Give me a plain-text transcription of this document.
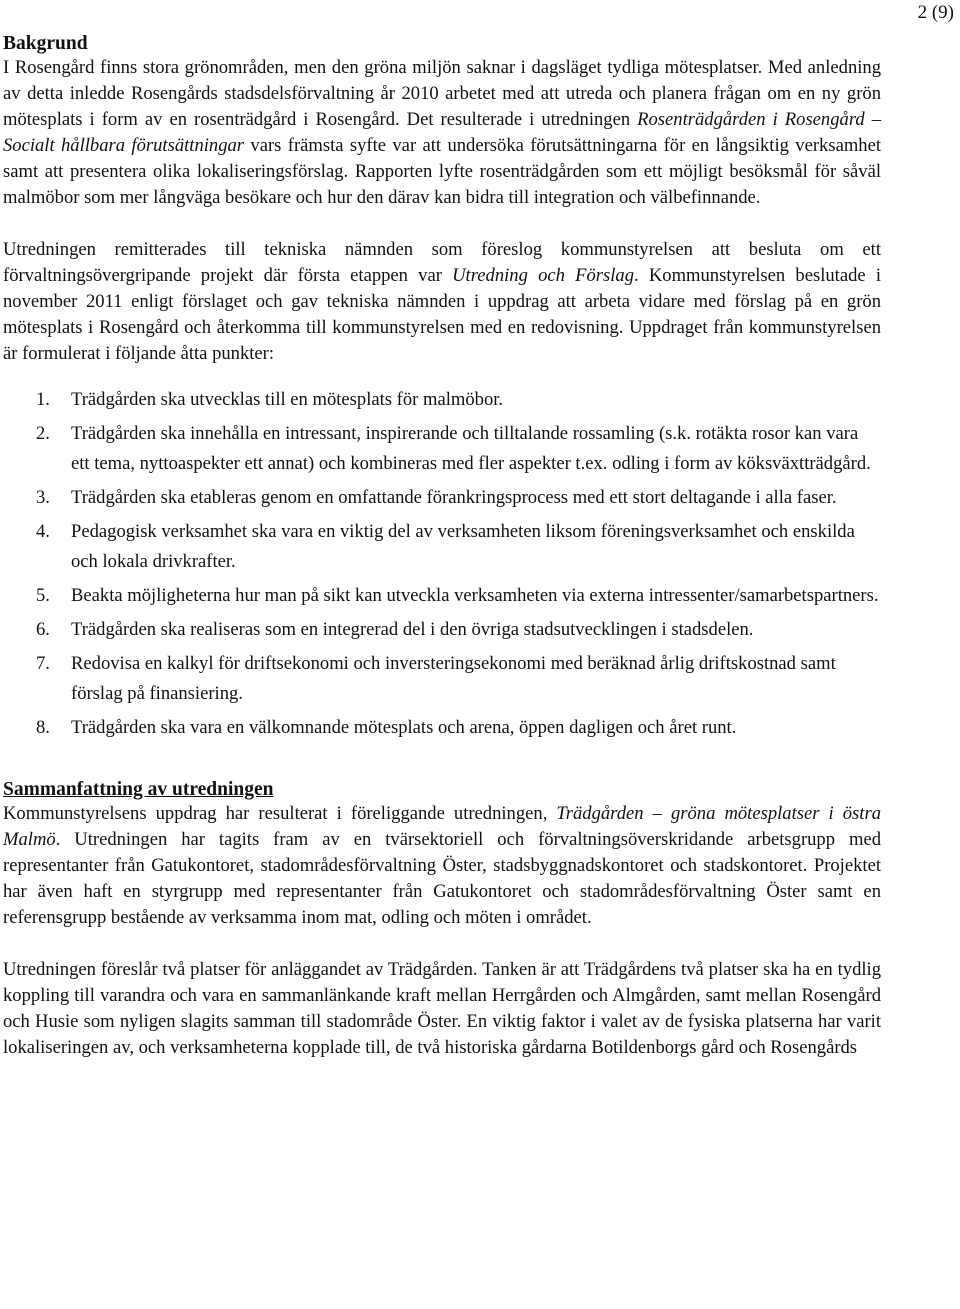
2 (9)
Bakgrund

I Rosengård finns stora grönområden, men den gröna miljön saknar i dagsläget tydliga mötesplatser. Med anledning av detta inledde Rosengårds stadsdelsförvaltning år 2010 arbetet med att utreda och planera frågan om en ny grön mötesplats i form av en rosenträdgård i Rosengård. Det resulterade i utredningen Rosenträdgården i Rosengård – Socialt hållbara förutsättningar vars främsta syfte var att undersöka förutsättningarna för en långsiktig verksamhet samt att presentera olika lokaliseringsförslag. Rapporten lyfte rosenträdgården som ett möjligt besöksmål för såväl malmöbor som mer långväga besökare och hur den därav kan bidra till integration och välbefinnande.

Utredningen remitterades till tekniska nämnden som föreslog kommunstyrelsen att besluta om ett förvaltningsövergripande projekt där första etappen var Utredning och Förslag. Kommunstyrelsen beslutade i november 2011 enligt förslaget och gav tekniska nämnden i uppdrag att arbeta vidare med förslag på en grön mötesplats i Rosengård och återkomma till kommunstyrelsen med en redovisning. Uppdraget från kommunstyrelsen är formulerat i följande åtta punkter:

1. Trädgården ska utvecklas till en mötesplats för malmöbor.
2. Trädgården ska innehålla en intressant, inspirerande och tilltalande rossamling (s.k. rotäkta rosor kan vara ett tema, nyttoaspekter ett annat) och kombineras med fler aspekter t.ex. odling i form av köksväxtträdgård.
3. Trädgården ska etableras genom en omfattande förankringsprocess med ett stort deltagande i alla faser.
4. Pedagogisk verksamhet ska vara en viktig del av verksamheten liksom föreningsverksamhet och enskilda och lokala drivkrafter.
5. Beakta möjligheterna hur man på sikt kan utveckla verksamheten via externa intressenter/samarbetspartners.
6. Trädgården ska realiseras som en integrerad del i den övriga stadsutvecklingen i stadsdelen.
7. Redovisa en kalkyl för driftsekonomi och inversteringsekonomi med beräknad årlig driftskostnad samt förslag på finansiering.
8. Trädgården ska vara en välkomnande mötesplats och arena, öppen dagligen och året runt.
Sammanfattning av utredningen

Kommunstyrelsens uppdrag har resulterat i föreliggande utredningen, Trädgården – gröna mötesplatser i östra Malmö. Utredningen har tagits fram av en tvärsektoriell och förvaltningsöverskridande arbetsgrupp med representanter från Gatukontoret, stadområdesförvaltning Öster, stadsbyggnadskontoret och stadskontoret. Projektet har även haft en styrgrupp med representanter från Gatukontoret och stadområdesförvaltning Öster samt en referensgrupp bestående av verksamma inom mat, odling och möten i området.

Utredningen föreslår två platser för anläggandet av Trädgården. Tanken är att Trädgårdens två platser ska ha en tydlig koppling till varandra och vara en sammanlänkande kraft mellan Herrgården och Almgården, samt mellan Rosengård och Husie som nyligen slagits samman till stadområde Öster. En viktig faktor i valet av de fysiska platserna har varit lokaliseringen av, och verksamheterna kopplade till, de två historiska gårdarna Botildenborgs gård och Rosengårds
